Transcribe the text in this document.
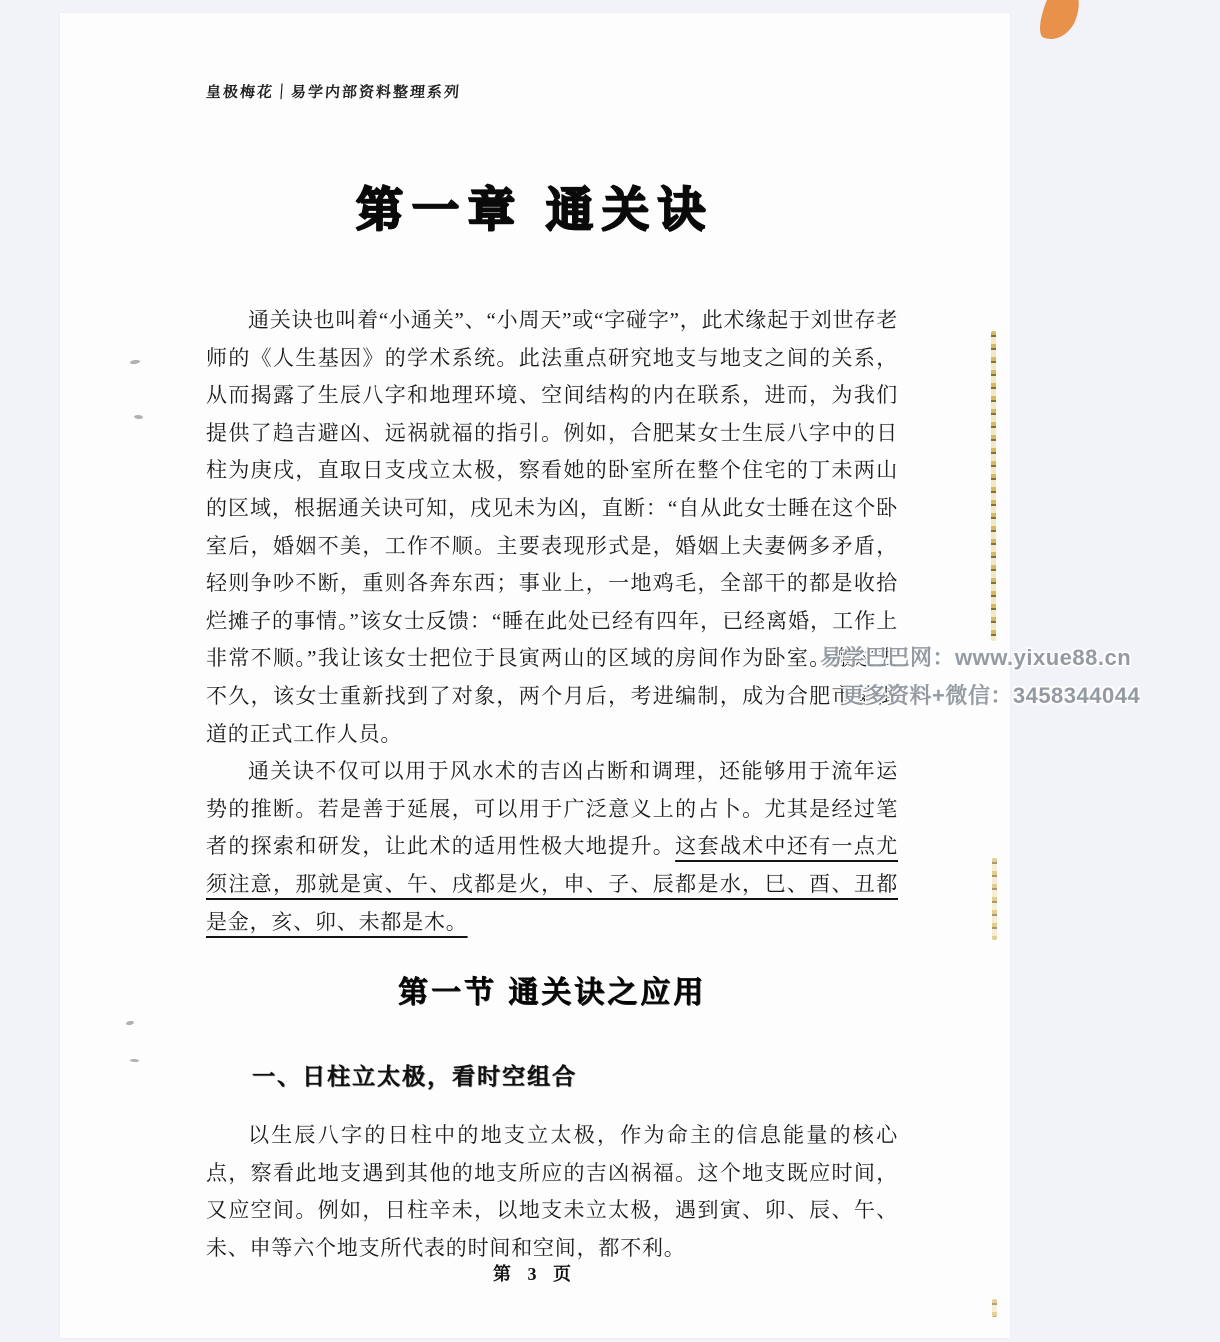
皇极梅花｜易学内部资料整理系列
第一章 通关诀

通关诀也叫着“小通关”、“小周天”或“字碰字”，此术缘起于刘世存老师的《人生基因》的学术系统。此法重点研究地支与地支之间的关系，从而揭露了生辰八字和地理环境、空间结构的内在联系，进而，为我们提供了趋吉避凶、远祸就福的指引。例如，合肥某女士生辰八字中的日柱为庚戌，直取日支戌立太极，察看她的卧室所在整个住宅的丁未两山的区域，根据通关诀可知，戌见未为凶，直断：“自从此女士睡在这个卧室后，婚姻不美，工作不顺。主要表现形式是，婚姻上夫妻俩多矛盾，轻则争吵不断，重则各奔东西；事业上，一地鸡毛，全部干的都是收拾烂摊子的事情。”该女士反馈：“睡在此处已经有四年，已经离婚，工作上非常不顺。”我让该女士把位于艮寅两山的区域的房间作为卧室。搬过去不久，该女士重新找到了对象，两个月后，考进编制，成为合肥市某街道的正式工作人员。

通关诀不仅可以用于风水术的吉凶占断和调理，还能够用于流年运势的推断。若是善于延展，可以用于广泛意义上的占卜。尤其是经过笔者的探索和研发，让此术的适用性极大地提升。这套战术中还有一点尤须注意，那就是寅、午、戌都是火，申、子、辰都是水，巳、酉、丑都是金，亥、卯、未都是木。

第一节 通关诀之应用
一、日柱立太极，看时空组合

以生辰八字的日柱中的地支立太极，作为命主的信息能量的核心点，察看此地支遇到其他的地支所应的吉凶祸福。这个地支既应时间，又应空间。例如，日柱辛未，以地支未立太极，遇到寅、卯、辰、午、未、申等六个地支所代表的时间和空间，都不利。

第 3 页
易学巴巴网：www.yixue88.cn
更多资料+微信：3458344044
